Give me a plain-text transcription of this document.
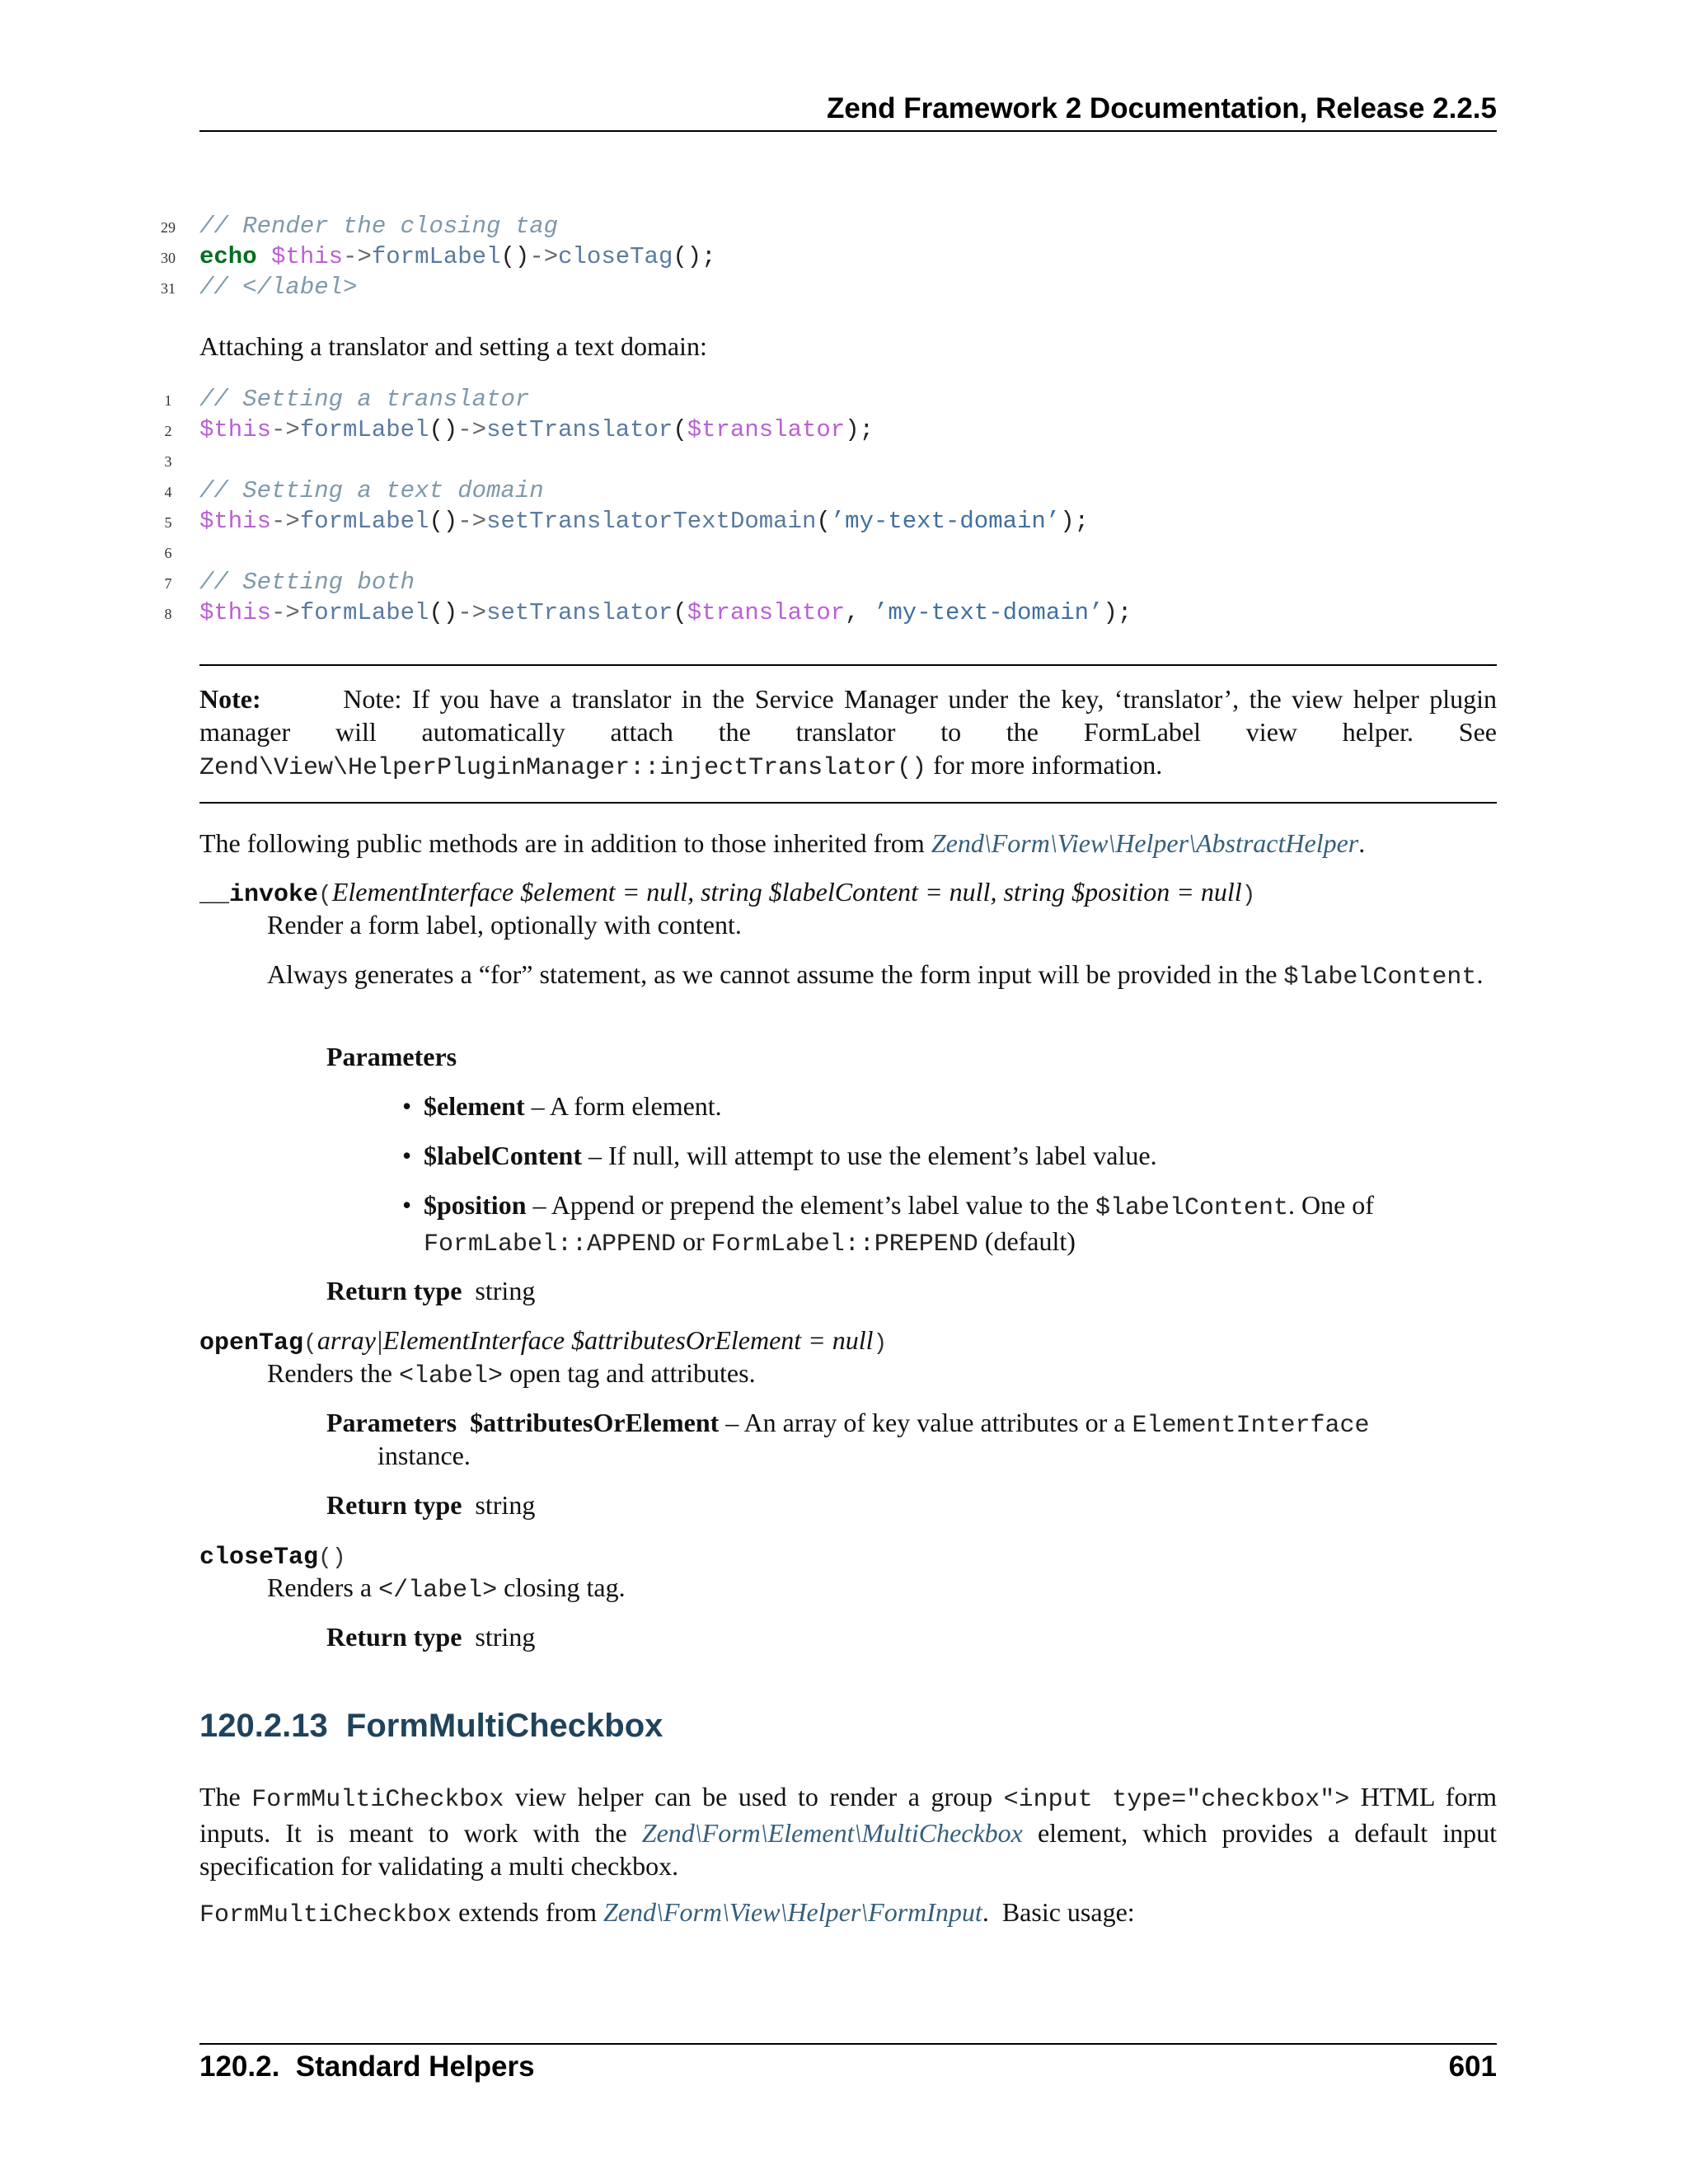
Zend Framework 2 Documentation, Release 2.2.5
29	// Render the closing tag
30	echo $this->formLabel()->closeTag();
31	// </label>
Attaching a translator and setting a text domain:
1	// Setting a translator
2	$this->formLabel()->setTranslator($translator);
3
4	// Setting a text domain
5	$this->formLabel()->setTranslatorTextDomain(’my-text-domain’);
6
7	// Setting both
8	$this->formLabel()->setTranslator($translator, ’my-text-domain’);
Note:	Note: If you have a translator in the Service Manager under the key, ‘translator’, the view helper plugin manager will automatically attach the translator to the FormLabel view helper. See Zend\View\HelperPluginManager::injectTranslator() for more information.
The following public methods are in addition to those inherited from Zend\Form\View\Helper\AbstractHelper.
__invoke(ElementInterface $element = null, string $labelContent = null, string $position = null)
Render a form label, optionally with content.
Always generates a “for” statement, as we cannot assume the form input will be provided in the $labelContent.
Parameters
• $element – A form element.
• $labelContent – If null, will attempt to use the element’s label value.
• $position – Append or prepend the element’s label value to the $labelContent. One of
FormLabel::APPEND or FormLabel::PREPEND (default)
Return type string
openTag(array|ElementInterface $attributesOrElement = null)
Renders the <label> open tag and attributes.
Parameters $attributesOrElement – An array of key value attributes or a ElementInterface
instance.
Return type string
closeTag()
Renders a </label> closing tag.
Return type string
120.2.13  FormMultiCheckbox
The FormMultiCheckbox view helper can be used to render a group <input type="checkbox"> HTML form inputs. It is meant to work with the Zend\Form\Element\MultiCheckbox element, which provides a default input specification for validating a multi checkbox.
FormMultiCheckbox extends from Zend\Form\View\Helper\FormInput.  Basic usage:
120.2.  Standard Helpers	601
